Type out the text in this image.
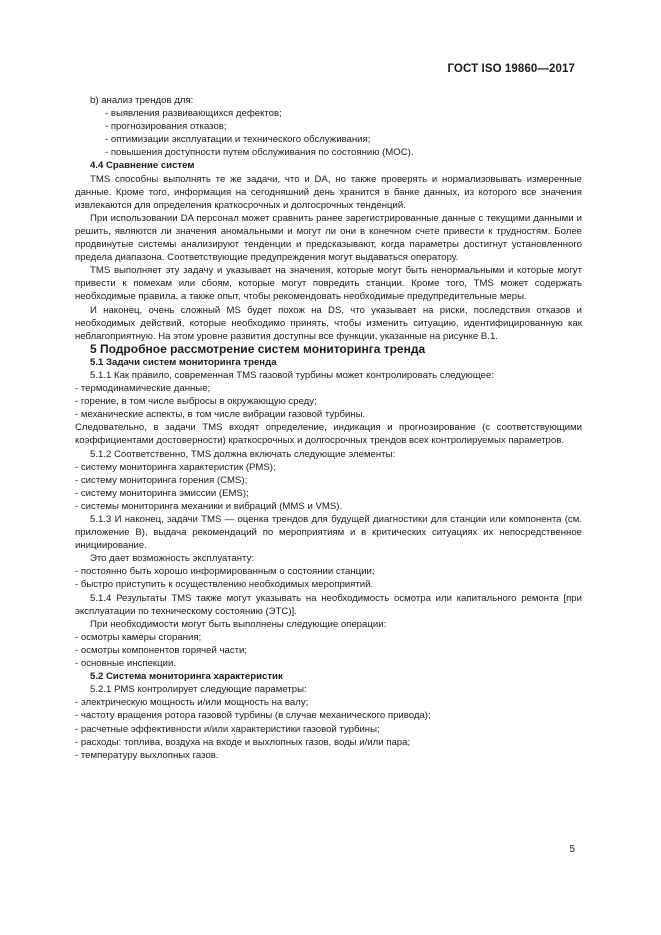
ГОСТ ISO 19860—2017

b) анализ трендов для:

- выявления развивающихся дефектов;

- прогнозирования отказов;

- оптимизации эксплуатации и технического обслуживания;

- повышения доступности путем обслуживания по состоянию (МОС).

4.4 Сравнение систем

TMS способны выполнять те же задачи, что и DA, но также проверять и нормализовывать измеренные данные. Кроме того, информация на сегодняшний день хранится в банке данных, из которого все значения извлекаются для определения краткосрочных и долгосрочных тенденций.

При использовании DA персонал может сравнить ранее зарегистрированные данные с текущими данными и решить, являются ли значения аномальными и могут ли они в конечном счете привести к трудностям. Более продвинутые системы анализируют тенденции и предсказывают, когда параметры достигнут установленного предела диапазона. Соответствующие предупреждения могут выдаваться оператору.

TMS выполняет эту задачу и указывает на значения, которые могут быть ненормальными и которые могут привести к помехам или сбоям, которые могут повредить станции. Кроме того, TMS может содержать необходимые правила, а также опыт, чтобы рекомендовать необходимые предупредительные меры.

И наконец, очень сложный MS будет похож на DS, что указывает на риски, последствия отказов и необходимых действий, которые необходимо принять, чтобы изменить ситуацию, идентифицированную как неблагоприятную. На этом уровне развития доступны все функции, указанные на рисунке B.1.

5 Подробное рассмотрение систем мониторинга тренда

5.1 Задачи систем мониторинга тренда

5.1.1 Как правило, современная TMS газовой турбины может контролировать следующее:

- термодинамические данные;

- горение, в том числе выбросы в окружающую среду;

- механические аспекты, в том числе вибрации газовой турбины.

Следовательно, в задачи TMS входят определение, индикация и прогнозирование (с соответствующими коэффициентами достоверности) краткосрочных и долгосрочных трендов всех контролируемых параметров.

5.1.2 Соответственно, TMS должна включать следующие элементы:

- систему мониторинга характеристик (PMS);

- систему мониторинга горения (CMS);

- систему мониторинга эмиссии (EMS);

- системы мониторинга механики и вибраций (MMS и VMS).

5.1.3 И наконец, задачи TMS — оценка трендов для будущей диагностики для станции или компонента (см. приложение B), выдача рекомендаций по мероприятиям и в критических ситуациях их непосредственное инициирование.

Это дает возможность эксплуатанту:

- постоянно быть хорошо информированным о состоянии станции;

- быстро приступить к осуществлению необходимых мероприятий.

5.1.4 Результаты TMS также могут указывать на необходимость осмотра или капитального ремонта [при эксплуатации по техническому состоянию (ЭТС)].

При необходимости могут быть выполнены следующие операции:

- осмотры камеры сгорания;

- осмотры компонентов горячей части;

- основные инспекции.

5.2 Система мониторинга характеристик

5.2.1 PMS контролирует следующие параметры:

- электрическую мощность и/или мощность на валу;

- частоту вращения ротора газовой турбины (в случае механического привода);

- расчетные эффективности и/или характеристики газовой турбины;

- расходы: топлива, воздуха на входе и выхлопных газов, воды и/или пара;

- температуру выхлопных газов.

5
